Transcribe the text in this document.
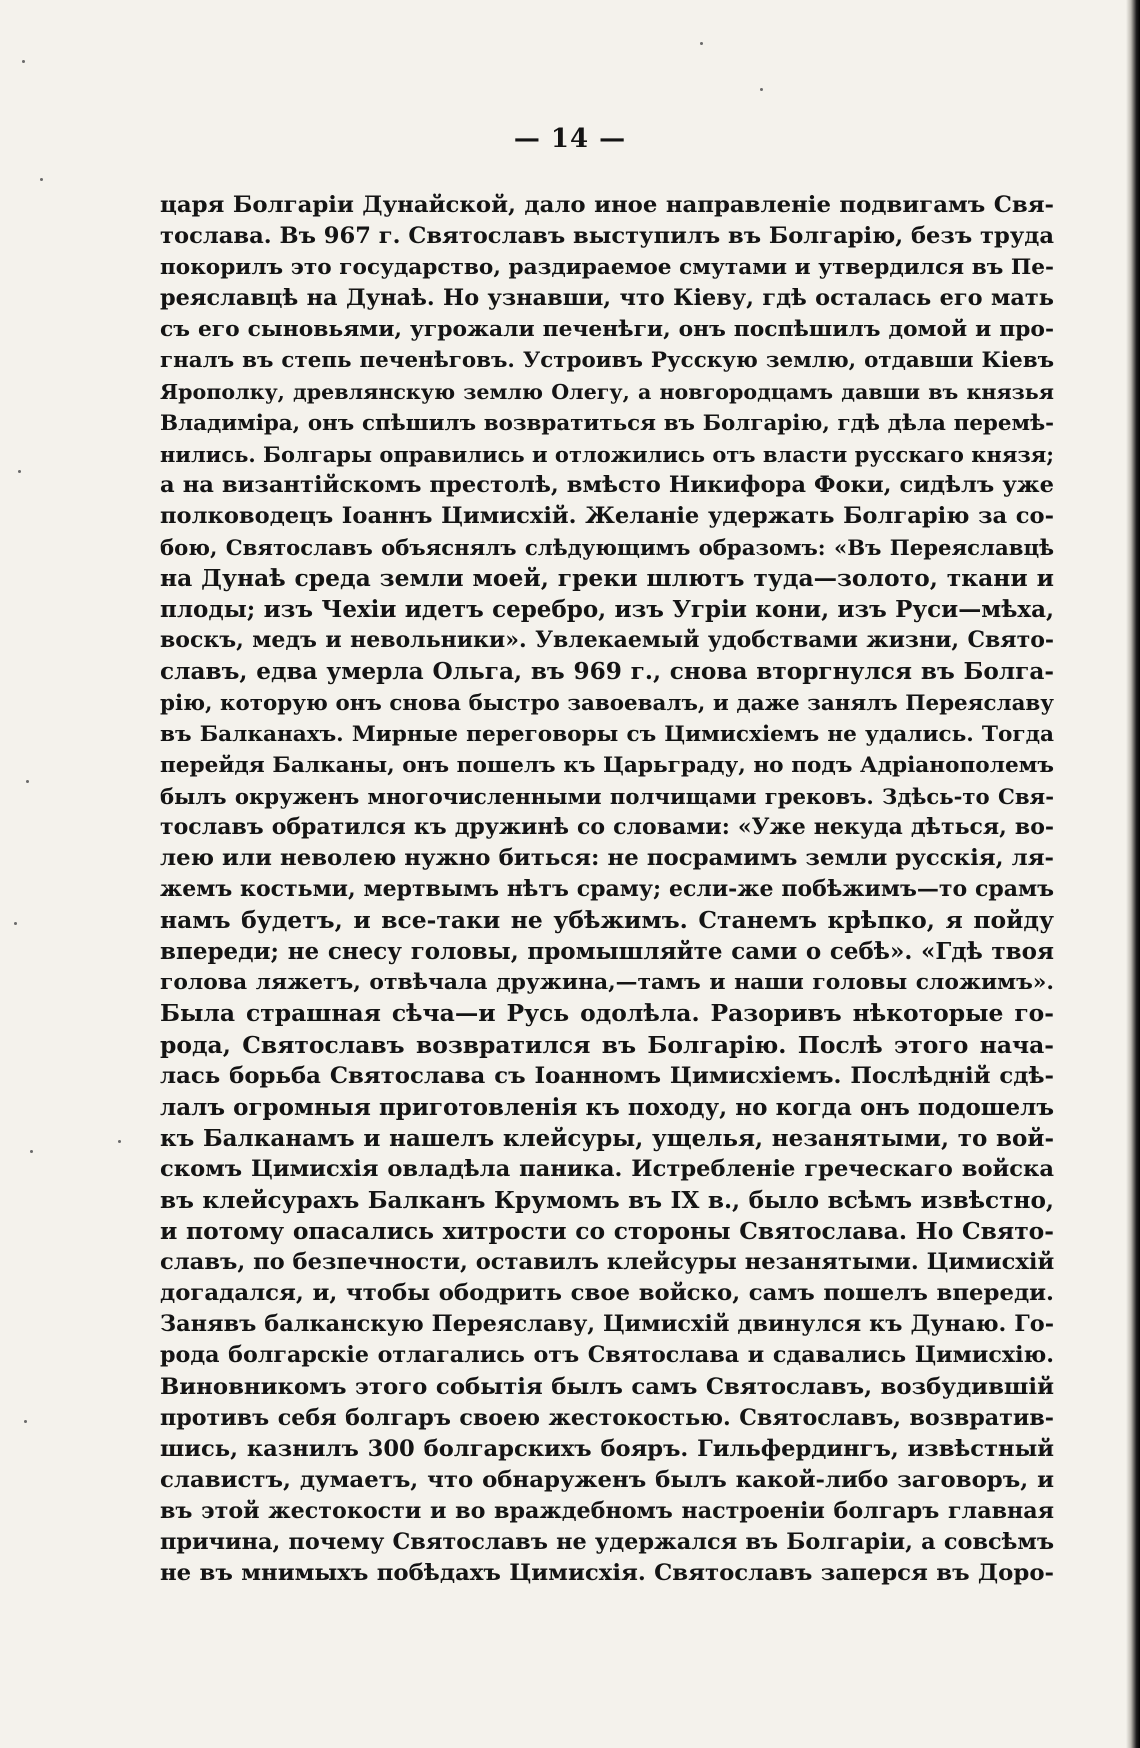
— 14 —
царя Болгаріи Дунайской, дало иное направленіе подвигамъ Свя-
тослава. Въ 967 г. Святославъ выступилъ въ Болгарію, безъ труда
покорилъ это государство, раздираемое смутами и утвердился въ Пе-
реяславцѣ на Дунаѣ. Но узнавши, что Кіеву, гдѣ осталась его мать
съ его сыновьями, угрожали печенѣги, онъ поспѣшилъ домой и про-
гналъ въ степь печенѣговъ. Устроивъ Русскую землю, отдавши Кіевъ
Ярополку, древлянскую землю Олегу, а новгородцамъ давши въ князья
Владиміра, онъ спѣшилъ возвратиться въ Болгарію, гдѣ дѣла перемѣ-
нились. Болгары оправились и отложились отъ власти русскаго князя;
а на византійскомъ престолѣ, вмѣсто Никифора Фоки, сидѣлъ уже
полководецъ Іоаннъ Цимисхій. Желаніе удержать Болгарію за со-
бою, Святославъ объяснялъ слѣдующимъ образомъ: «Въ Переяславцѣ
на Дунаѣ среда земли моей, греки шлютъ туда—золото, ткани и
плоды; изъ Чехіи идетъ серебро, изъ Угріи кони, изъ Руси—мѣха,
воскъ, медъ и невольники». Увлекаемый удобствами жизни, Свято-
славъ, едва умерла Ольга, въ 969 г., снова вторгнулся въ Болга-
рію, которую онъ снова быстро завоевалъ, и даже занялъ Переяславу
въ Балканахъ. Мирные переговоры съ Цимисхіемъ не удались. Тогда
перейдя Балканы, онъ пошелъ къ Царьграду, но подъ Адріанополемъ
былъ окруженъ многочисленными полчищами грековъ. Здѣсь-то Свя-
тославъ обратился къ дружинѣ со словами: «Уже некуда дѣться, во-
лею или неволею нужно биться: не посрамимъ земли русскія, ля-
жемъ костьми, мертвымъ нѣтъ сраму; если-же побѣжимъ—то срамъ
намъ будетъ, и все-таки не убѣжимъ. Станемъ крѣпко, я пойду
впереди; не снесу головы, промышляйте сами о себѣ». «Гдѣ твоя
голова ляжетъ, отвѣчала дружина,—тамъ и наши головы сложимъ».
Была страшная сѣча—и Русь одолѣла. Разоривъ нѣкоторые го-
рода, Святославъ возвратился въ Болгарію. Послѣ этого нача-
лась борьба Святослава съ Іоанномъ Цимисхіемъ. Послѣдній сдѣ-
лалъ огромныя приготовленія къ походу, но когда онъ подошелъ
къ Балканамъ и нашелъ клейсуры, ущелья, незанятыми, то вой-
скомъ Цимисхія овладѣла паника. Истребленіе греческаго войска
въ клейсурахъ Балканъ Крумомъ въ IX в., было всѣмъ извѣстно,
и потому опасались хитрости со стороны Святослава. Но Свято-
славъ, по безпечности, оставилъ клейсуры незанятыми. Цимисхій
догадался, и, чтобы ободрить свое войско, самъ пошелъ впереди.
Занявъ балканскую Переяславу, Цимисхій двинулся къ Дунаю. Го-
рода болгарскіе отлагались отъ Святослава и сдавались Цимисхію.
Виновникомъ этого событія былъ самъ Святославъ, возбудившій
противъ себя болгаръ своею жестокостью. Святославъ, возвратив-
шись, казнилъ 300 болгарскихъ бояръ. Гильфердингъ, извѣстный
славистъ, думаетъ, что обнаруженъ былъ какой-либо заговоръ, и
въ этой жестокости и во враждебномъ настроеніи болгаръ главная
причина, почему Святославъ не удержался въ Болгаріи, а совсѣмъ
не въ мнимыхъ побѣдахъ Цимисхія. Святославъ заперся въ Доро-
